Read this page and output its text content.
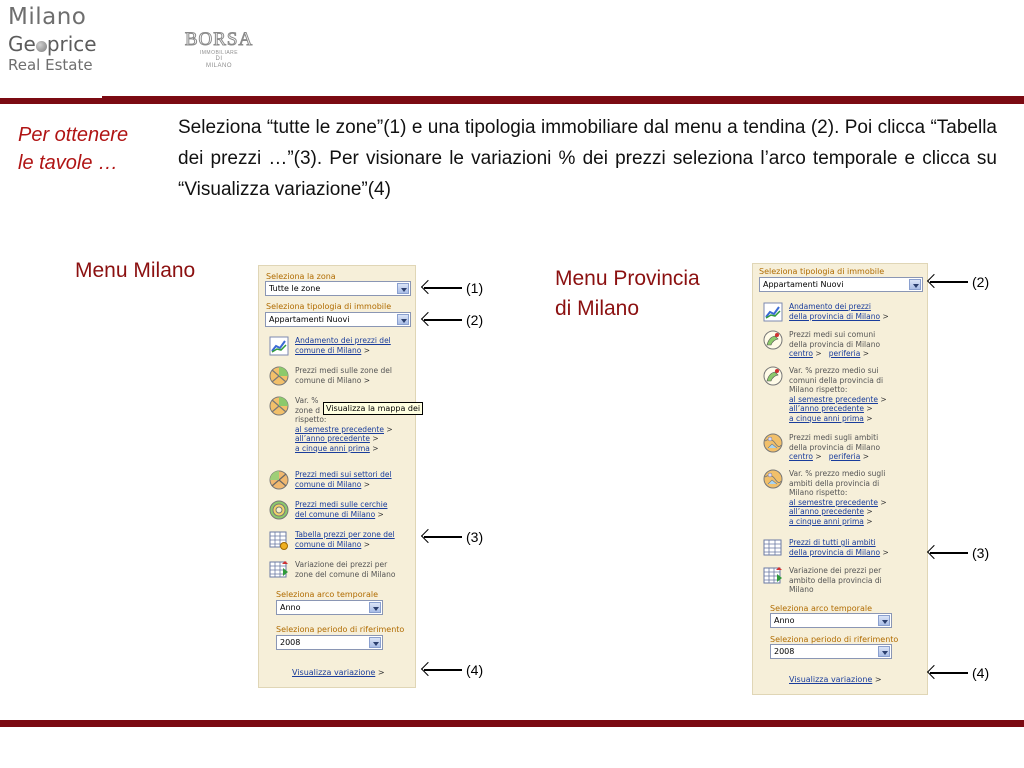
Milano
Ge price
Real Estate
BORSA
IMMOBILIARE
DI
MILANO
Per ottenere
le tavole …
Seleziona “tutte le zone”(1) e una tipologia immobiliare dal menu a tendina (2). Poi clicca “Tabella dei prezzi …”(3). Per visionare le variazioni % dei prezzi seleziona l’arco temporale e clicca su “Visualizza variazione”(4)
Menu Milano	Seleziona la zona
Tutte le zone
Seleziona tipologia di immobile
Appartamenti Nuovi
Andamento dei prezzi del
comune di Milano >
Prezzi medi sulle zone del
comune di Milano >
Var. %
zone d
rispetto:
al semestre precedente >
all’anno precedente >
a cinque anni prima >
Visualizza la mappa dei
Prezzi medi sui settori del
comune di Milano >
Prezzi medi sulle cerchie
del comune di Milano >
Tabella prezzi per zone del
comune di Milano >
Variazione dei prezzi per
zone del comune di Milano
Seleziona arco temporale
Anno
Seleziona periodo di riferimento
2008
Visualizza variazione >
(1)
(2)
(3)
(4)
Menu Provincia
di Milano
Seleziona tipologia di immobile
Appartamenti Nuovi
Andamento dei prezzi
della provincia di Milano >
Prezzi medi sui comuni
della provincia di Milano
centro > periferia >
Var. % prezzo medio sui
comuni della provincia di
Milano rispetto:
al semestre precedente >
all’anno precedente >
a cinque anni prima >
Prezzi medi sugli ambiti
della provincia di Milano
centro > periferia >
Var. % prezzo medio sugli
ambiti della provincia di
Milano rispetto:
al semestre precedente >
all’anno precedente >
a cinque anni prima >
Prezzi di tutti gli ambiti
della provincia di Milano >
Variazione dei prezzi per
ambito della provincia di
Milano
Seleziona arco temporale
Anno
Seleziona periodo di riferimento
2008
Visualizza variazione >
(2)
(3)
(4)
